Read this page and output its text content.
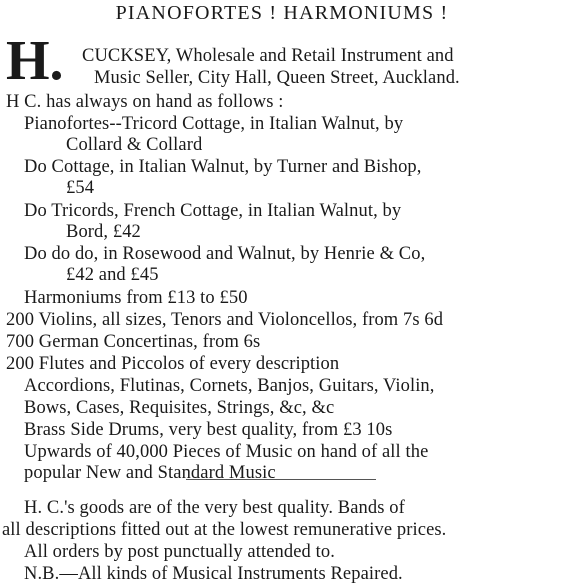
PIANOFORTES ! HARMONIUMS !
H. CUCKSEY, Wholesale and Retail Instrument and
Music Seller, City Hall, Queen Street, Auckland.
H C. has always on hand as follows :
Pianofortes--Tricord Cottage, in Italian Walnut, by
Collard & Collard
Do Cottage, in Italian Walnut, by Turner and Bishop,
£54
Do Tricords, French Cottage, in Italian Walnut, by
Bord, £42
Do do do, in Rosewood and Walnut, by Henrie & Co,
£42 and £45
Harmoniums from £13 to £50
200 Violins, all sizes, Tenors and Violoncellos, from 7s 6d
700 German Concertinas, from 6s
200 Flutes and Piccolos of every description
Accordions, Flutinas, Cornets, Banjos, Guitars, Violin,
Bows, Cases, Requisites, Strings, &c, &c
Brass Side Drums, very best quality, from £3 10s
Upwards of 40,000 Pieces of Music on hand of all the
popular New and Standard Music
H. C.'s goods are of the very best quality. Bands of
all descriptions fitted out at the lowest remunerative prices.
All orders by post punctually attended to.
N.B.—All kinds of Musical Instruments Repaired.
